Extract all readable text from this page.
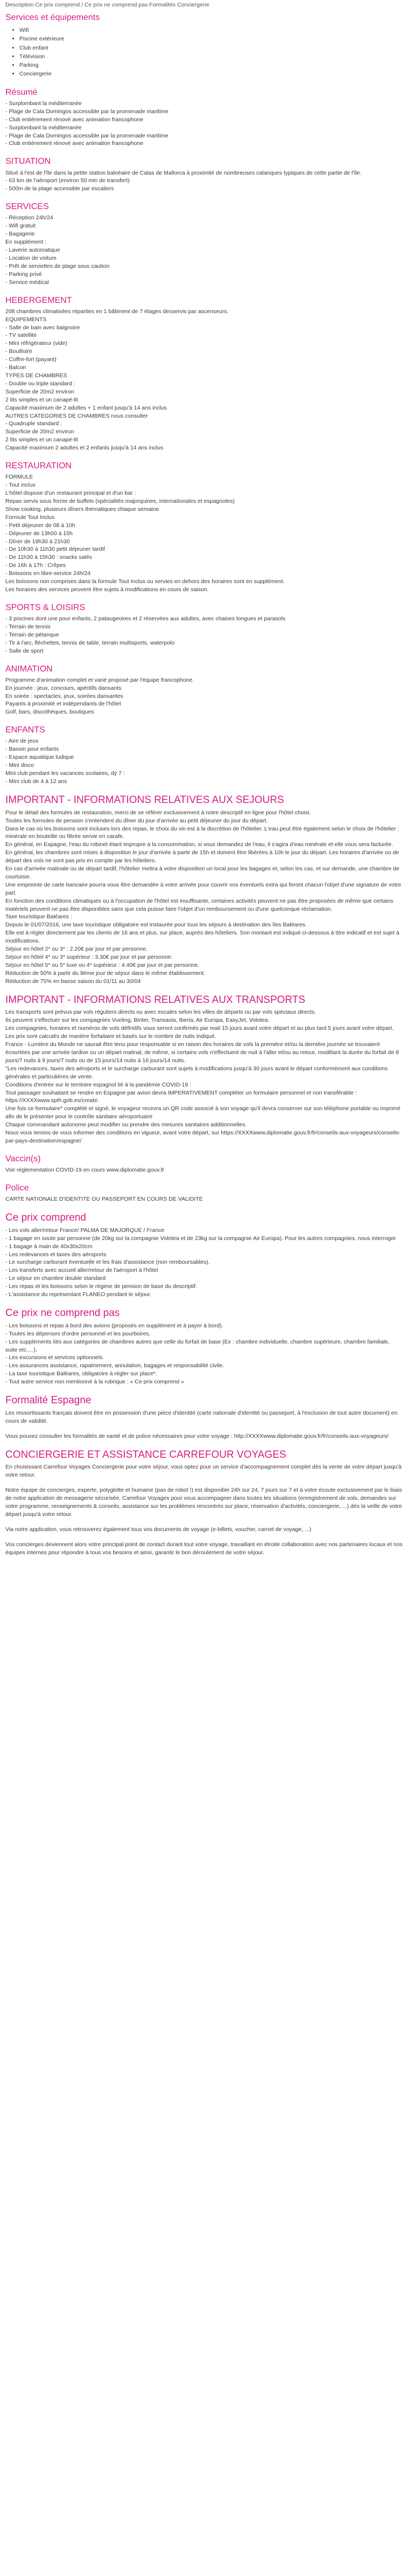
Description Ce prix comprend / Ce prix ne comprend pas Formalités Conciergerie

Services et équipements
• Wifi
• Piscine extérieure
• Club enfant
• Télévision
• Parking
• Conciergerie
Résumé

- Surplombant la méditerranée

- Plage de Cala Domingos accessible par la promenade maritime

- Club entièrement rénové avec animation francophone

- Surplombant la méditerranée

- Plage de Cala Domingos accessible par la promenade maritime

- Club entièrement rénové avec animation francophone

SITUATION

Situé à l'est de l'île dans la petite station balnéaire de Calas de Mallorca à proximité de nombreuses calanques typiques de cette partie de l'île.

- 63 km de l'aéroport (environ 50 min de transfert)

- 500m de la plage accessible par escaliers

SERVICES

- Réception 24h/24

- Wifi gratuit

- Bagagerie

En supplément :

- Laverie automatique

- Location de voiture

- Prêt de serviettes de plage sous caution

- Parking privé

- Service médical

HEBERGEMENT

208 chambres climatisées réparties en 1 bâtiment de 7 étages desservis par ascenseurs.

EQUIPEMENTS

- Salle de bain avec baignoire

- TV satellite

- Mini réfrigérateur (vide)

- Bouilloire

- Coffre-fort (payant)

- Balcon

TYPES DE CHAMBRES

- Double ou triple standard :

Superficie de 20m2 environ

2 lits simples et un canapé-lit

Capacité maximum de 2 adultes + 1 enfant jusqu'à 14 ans inclus

AUTRES CATEGORIES DE CHAMBRES nous consulter

- Quadruple standard :

Superficie de 20m2 environ

2 lits simples et un canapé-lit

Capacité maximum 2 adultes et 2 enfants jusqu'à 14 ans inclus

RESTAURATION

FORMULE

- Tout inclus

L'hôtel dispose d'un restaurant principal et d'un bar :

Repas servis sous forme de buffets (spécialités majorquines, internationales et espagnoles)

Show cooking, plusieurs dîners thématiques chaque semaine

Formule Tout Inclus

- Petit déjeuner de 08 à 10h

- Déjeuner de 13h00 à 15h

- Dîner de 19h30 à 21h30

- De 10h30 à 11h30 petit déjeuner tardif

- De 11h30 à 15h30 : snacks salés

- De 16h à 17h : Crêpes

- Boissons en libre-service 24h/24

Les boissons non comprises dans la formule Tout Inclus ou servies en dehors des horaires sont en supplément.

Les horaires des services peuvent être sujets à modifications en cours de saison.

SPORTS & LOISIRS

- 3 piscines dont une pour enfants, 2 pataugeoires et 2 réservées aux adultes, avec chaises longues et parasols

- Terrain de tennis

- Terrain de pétanque

- Tir à l'arc, fléchettes, tennis de table, terrain multisports, waterpolo

- Salle de sport

ANIMATION

Programme d'animation complet et varié proposé par l'équipe francophone.

En journée : jeux, concours, apéritifs dansants

En soirée : spectacles, jeux, soirées dansantes

Payants à proximité et indépendants de l'hôtel

Golf, bars, discothèques, boutiques

ENFANTS

- Aire de jeux

- Bassin pour enfants

- Espace aquatique ludique

- Mini disco

Mini club pendant les vacances scolaires, dý 7 :

- Mini club de 4 à 12 ans

IMPORTANT - INFORMATIONS RELATIVES AUX SEJOURS

Pour le détail des formules de restauration, merci de se référer exclusivement à notre descriptif en ligne pour l'hôtel choisi.

Toutes les formules de pension s'entendent du dîner du jour d'arrivée au petit déjeuner du jour du départ.

Dans le cas où les boissons sont incluses lors des repas, le choix du vin est à la discrétion de l'hôtelier. L'eau peut être également selon le choix de l'hôtelier : minérale en bouteille ou filtrée servie en carafe.

En général, en Espagne, l'eau du robinet étant impropre à la consommation, si vous demandez de l'eau, il s'agira d'eau minérale et elle vous sera facturée.

En général, les chambres sont mises à disposition le jour d'arrivée à partir de 15h et doivent être libérées à 10h le jour du départ. Les horaires d'arrivée ou de départ des vols ne sont pas pris en compte par les hôteliers.

En cas d'arrivée matinale ou de départ tardif, l'hôtelier mettra à votre disposition un local pour les bagages et, selon les cas, et sur demande, une chambre de courtoisie.

Une empreinte de carte bancaire pourra vous être demandée à votre arrivée pour couvrir vos éventuels extra qui feront chacun l'objet d'une signature de votre part.

En fonction des conditions climatiques ou à l'occupation de l'hôtel est insuffisante, certaines activités peuvent ne pas être proposées de même que certains matériels peuvent ne pas être disponibles sans que cela puisse faire l'objet d'un remboursement ou d'une quelconque réclamation.

Taxe touristique Baléares :

Depuis le 01/07/2016, une taxe touristique obligatoire est instaurée pour tous les séjours à destination des îles Baléares.

Elle est à régler directement par les clients de 16 ans et plus, sur place, auprès des hôteliers. Son montant est indiqué ci-dessous à titre indicatif et est sujet à modifications.

Séjour en hôtel 2* ou 3* : 2.20€ par jour et par personne.

Séjour en hôtel 4* ou 3* supérieur : 3.30€ par jour et par personne.

Séjour en hôtel 5* ou 5* luxe ou 4* supérieur : 4.40€ par jour et par personne.

Réduction de 50% à partir du 9ème jour de séjour dans le même établissement.

Réduction de 75% en basse saison du 01/11 au 30/04

IMPORTANT - INFORMATIONS RELATIVES AUX TRANSPORTS

Les transports sont prévus par vols réguliers directs ou avec escales selon les villes de départs ou par vols spéciaux directs.

Ils peuvent s'effectuer sur les compagnies Vueling, Binter, Transavia, Iberia, Air Europa, EasyJet, Volotea.

Les compagnies, horaires et numéros de vols définitifs vous seront confirmés par mail 15 jours avant votre départ et au plus tard 5 jours avant votre départ.

Les prix sont calculés de manière forfaitaire et basés sur le nombre de nuits indiqué.

France - Lumière du Monde ne saurait être tenu pour responsable si en raison des horaires de vols la première et/ou la dernière journée se trouvaient écourtées par une arrivée tardive ou un départ matinal, de même, si certains vols n'effectuent de nuit à l'aller et/ou au retour, modifiant la durée du forfait de 8 jours/7 nuits à 9 jours/7 nuits ou de 15 jours/14 nuits à 16 jours/14 nuits.

"Les redevances, taxes des aéroports et le surcharge carburant sont sujets à modifications jusqu'à 30 jours avant le départ conformément aux conditions générales et particulières de vente.

Conditions d'entrée sur le territoire espagnol lié à la pandémie COVID-19 :

Tout passager souhaitant se rendre en Espagne par avion devra IMPERATIVEMENT compléter un formulaire personnel et non transférable : https://XXXXwww.spth.gob.es/create.

Une fois ce formulaire* complété et signé, le voyageur recevra un QR code associé à son voyage qu'il devra conserver sur son téléphone portable ou imprimé afin de le présenter pour le contrôle sanitaire aéroportuaire

Chaque commandant autonome peut modifier ou prendre des mesures sanitaires additionnelles.

Nous vous tenons de vous informer des conditions en vigueur, avant votre départ, sur https://XXXXwww.diplomatie.gouv.fr/fr/conseils-aux-voyageurs/conseils-par-pays-destination/espagne/

Vaccin(s)

Voir réglementation COVID-19 en cours www.diplomatie.gouv.fr

Police

CARTE NATIONALE D'IDENTITE OU PASSEPORT EN COURS DE VALIDITE

Ce prix comprend

- Les vols aller/retour France/ PALMA DE MAJORQUE / France

- 1 bagage en soute par personne (de 20kg sur la compagnie Volotea et de 23kg sur la compagnie Air Europa). Pour les autres compagnies, nous interroger

- 1 bagage à main de 40x30x20cm

- Les redevances et taxes des aéroports

- Le surcharge carburant éventuelle et les frais d'assistance (non remboursables).

- Les transferts avec accueil aller/retour de l'aéroport à l'hôtel

- Le séjour en chambre double standard

- Les repas et les boissons selon le régime de pension de base du descriptif.

- L'assistance du représentant FLANEO pendant le séjour.

Ce prix ne comprend pas

- Les boissons et repas à bord des avions (proposés en supplément et à payer à bord).

- Toutes les dépenses d'ordre personnel et les pourboires.

- Les suppléments liés aux catégories de chambres autres que celle du forfait de base (Ex : chambre individuelle, chambre supérieure, chambre familiale, suite etc….).

- Les excursions et services optionnels.

- Les assurances assistance, rapatriement, annulation, bagages et responsabilité civile.

- La taxe touristique Baléares, obligatoire à régler sur place*.

- Tout autre service non mentionné à la rubrique : « Ce prix comprend »

Formalité Espagne

Les ressortissants français doivent être en possession d'une pièce d'identité (carte nationale d'identité ou passeport, à l'exclusion de tout autre document) en cours de validité.

Vous pouvez consulter les formalités de santé et de police nécessaires pour votre voyage : http://XXXXwww.diplomatie.gouv.fr/fr/conseils-aux-voyageurs/

CONCIERGERIE ET ASSISTANCE CARREFOUR VOYAGES

En choisissant Carrefour Voyages Conciergerie pour votre séjour, vous optez pour un service d'accompagnement complet dès la vente de votre départ jusqu'à votre retour.

Notre équipe de concierges, experte, polyglotte et humaine (pas de robot !) est disponible 24h sur 24, 7 jours sur 7 et à votre écoute exclusivement par le biais de notre application de messagerie sécurisée, Carrefour Voyages pour vous accompagner dans toutes les situations (enregistrement de vols, demandes sur votre programme, renseignements & conseils, assistance sur les problèmes rencontrés sur place, réservation d'activités, conciergerie, ...) dès la veille de votre départ jusqu'à votre retour.

Via notre application, vous retrouverez également tous vos documents de voyage (e-billets, voucher, carnet de voyage, ...)

Vos concierges deviennent alors votre principal point de contact durant tout votre voyage, travaillant en étroite collaboration avec nos partenaires locaux et nos équipes internes pour répondre à tous vos besoins et ainsi, garantir le bon déroulement de votre séjour.
